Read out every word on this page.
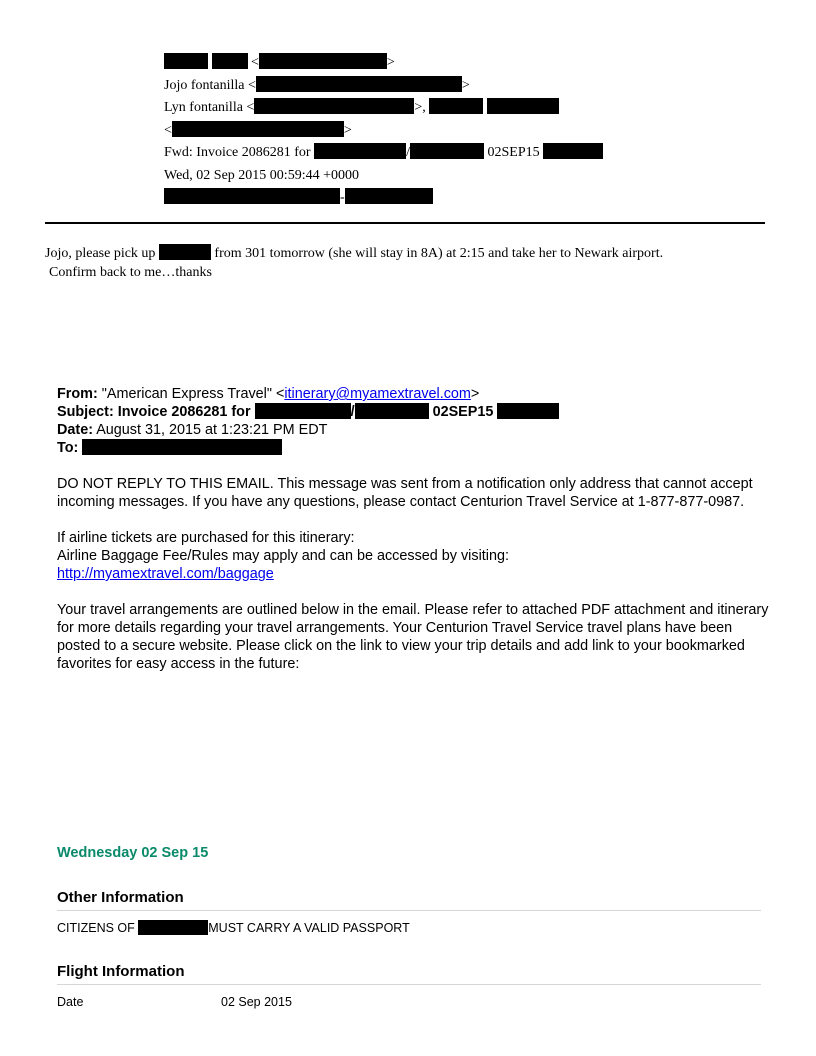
<	>
Jojo fontanilla <	>
Lyn fontanilla <	>,
<	>
Fwd: Invoice 2086281 for	/	02SEP15
Wed, 02 Sep 2015 00:59:44 +0000
-
Jojo, please pick up	from 301 tomorrow (she will stay in 8A) at 2:15 and take her to Newark airport.
Confirm back to me…thanks

From: "American Express Travel" <itinerary@myamextravel.com>

Subject: Invoice 2086281 for	/	02SEP15

Date: August 31, 2015 at 1:23:21 PM EDT

To:

DO NOT REPLY TO THIS EMAIL. This message was sent from a notification only address that cannot accept incoming messages. If you have any questions, please contact Centurion Travel Service at 1-877-877-0987.

If airline tickets are purchased for this itinerary:

Airline Baggage Fee/Rules may apply and can be accessed by visiting:

http://myamextravel.com/baggage

Your travel arrangements are outlined below in the email. Please refer to attached PDF attachment and itinerary for more details regarding your travel arrangements. Your Centurion Travel Service travel plans have been posted to a secure website. Please click on the link to view your trip details and add link to your bookmarked favorites for easy access in the future:

Wednesday 02 Sep 15
Other Information
CITIZENS OF	MUST CARRY A VALID PASSPORT
Flight Information
Date	02 Sep 2015
